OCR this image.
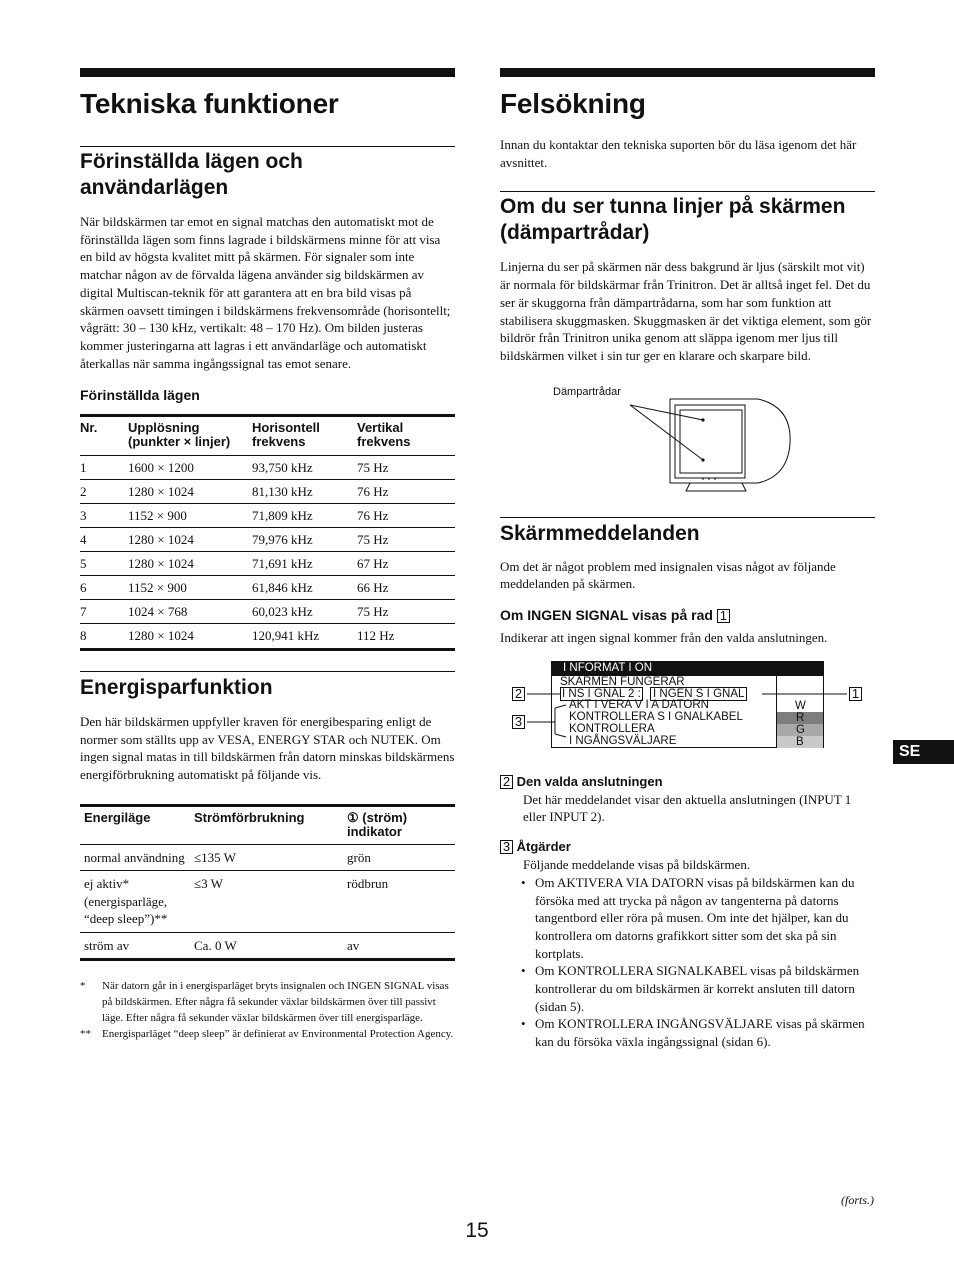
Tekniska funktioner
Förinställda lägen och användarlägen

När bildskärmen tar emot en signal matchas den automatiskt mot de förinställda lägen som finns lagrade i bildskärmens minne för att visa en bild av högsta kvalitet mitt på skärmen. För signaler som inte matchar någon av de förvalda lägena använder sig bildskärmen av digital Multiscan-teknik för att garantera att en bra bild visas på skärmen oavsett timingen i bildskärmens frekvensområde (horisontellt; vågrätt: 30 – 130 kHz, vertikalt: 48 – 170 Hz). Om bilden justeras kommer justeringarna att lagras i ett användarläge och automatiskt återkallas när samma ingångssignal tas emot senare.

Förinställda lägen
Nr.	Upplösning (punkter × linjer)	Horisontell frekvens	Vertikal frekvens
1	1600 × 1200	93,750 kHz	75 Hz
2	1280 × 1024	81,130 kHz	76 Hz
3	1152 × 900	71,809 kHz	76 Hz
4	1280 × 1024	79,976 kHz	75 Hz
5	1280 × 1024	71,691 kHz	67 Hz
6	1152 × 900	61,846 kHz	66 Hz
7	1024 × 768	60,023 kHz	75 Hz
8	1280 × 1024	120,941 kHz	112 Hz
Energisparfunktion

Den här bildskärmen uppfyller kraven för energibesparing enligt de normer som ställts upp av VESA, ENERGY STAR och NUTEK. Om ingen signal matas in till bildskärmen från datorn minskas bildskärmens energiförbrukning automatiskt på följande vis.

Energiläge	Strömförbrukning	① (ström) indikator
normal användning	≤135 W	grön
ej aktiv* (energisparläge, “deep sleep”)**	≤3 W	rödbrun
ström av	Ca. 0 W	av

*	När datorn går in i energisparläget bryts insignalen och INGEN SIGNAL visas på bildskärmen. Efter några få sekunder växlar bildskärmen över till passivt läge. Efter några få sekunder växlar bildskärmen över till energisparläge.

**	Energisparläget “deep sleep” är definierat av Environmental Protection Agency.

Felsökning

Innan du kontaktar den tekniska suporten bör du läsa igenom det här avsnittet.

Om du ser tunna linjer på skärmen (dämpartrådar)

Linjerna du ser på skärmen när dess bakgrund är ljus (särskilt mot vit) är normala för bildskärmar från Trinitron. Det är alltså inget fel. Det du ser är skuggorna från dämpartrådarna, som har som funktion att stabilisera skuggmasken. Skuggmasken är det viktiga element, som gör bildrör från Trinitron unika genom att släppa igenom mer ljus till bildskärmen vilket i sin tur ger en klarare och skarpare bild.

Dämpartrådar
Skärmmeddelanden

Om det är något problem med insignalen visas något av följande meddelanden på skärmen.

Om INGEN SIGNAL visas på rad 1

Indikerar att ingen signal kommer från den valda anslutningen.

I NFORMAT I ON
SKÄRMEN FUNGERAR
I NS I GNAL 2 : I NGEN S I GNAL
AKT I VERA V I A DATORN
KONTROLLERA S I GNALKABEL
KONTROLLERA
I NGÅNGSVÄLJARE
W
R
G
B
2
3
1
2 Den valda anslutningen

Det här meddelandet visar den aktuella anslutningen (INPUT 1 eller INPUT 2).

3 Åtgärder

Följande meddelande visas på bildskärmen.

• Om AKTIVERA VIA DATORN visas på bildskärmen kan du försöka med att trycka på någon av tangenterna på datorns tangentbord eller röra på musen. Om inte det hjälper, kan du kontrollera om datorns grafikkort sitter som det ska på sin kortplats.
• Om KONTROLLERA SIGNALKABEL visas på bildskärmen kontrollerar du om bildskärmen är korrekt ansluten till datorn (sidan 5).
• Om KONTROLLERA INGÅNGSVÄLJARE visas på skärmen kan du försöka växla ingångssignal (sidan 6).
SE
(forts.)
15
